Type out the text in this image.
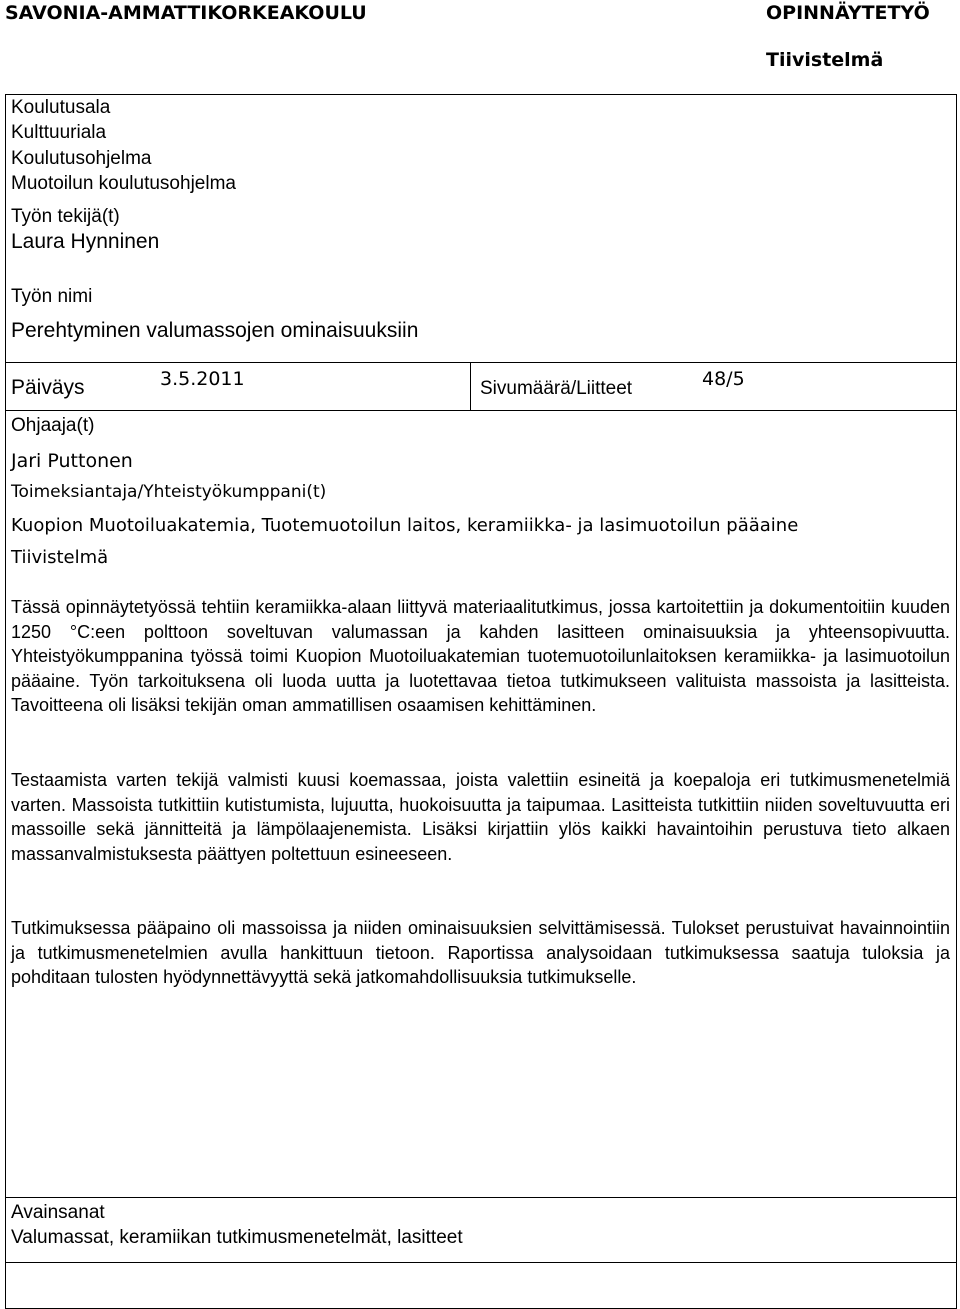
SAVONIA-AMMATTIKORKEAKOULU	OPINNÄYTETYÖ
Tiivistelmä
Koulutusala
Kulttuuriala
Koulutusohjelma
Muotoilun koulutusohjelma
Työn tekijä(t)
Laura Hynninen
Työn nimi
Perehtyminen valumassojen ominaisuuksiin
Päiväys	3.5.2011	Sivumäärä/Liitteet	48/5
Ohjaaja(t)
Jari Puttonen
Toimeksiantaja/Yhteistyökumppani(t)
Kuopion Muotoiluakatemia, Tuotemuotoilun laitos, keramiikka- ja lasimuotoilun pääaine
Tiivistelmä
Tässä opinnäytetyössä tehtiin keramiikka-alaan liittyvä materiaalitutkimus, jossa kartoitettiin ja dokumentoitiin kuuden 1250 °C:een polttoon soveltuvan valumassan ja kahden lasitteen ominaisuuksia ja yhteensopivuutta. Yhteistyökumppanina työssä toimi Kuopion Muotoiluakatemian tuotemuotoilunlaitoksen keramiikka- ja lasimuotoilun pääaine. Työn tarkoituksena oli luoda uutta ja luotettavaa tietoa tutkimukseen valituista massoista ja lasitteista. Tavoitteena oli lisäksi tekijän oman ammatillisen osaamisen kehittäminen.
Testaamista varten tekijä valmisti kuusi koemassaa, joista valettiin esineitä ja koepaloja eri tutkimusmenetelmiä varten. Massoista tutkittiin kutistumista, lujuutta, huokoisuutta ja taipumaa. Lasitteista tutkittiin niiden soveltuvuutta eri massoille sekä jännitteitä ja lämpölaajenemista. Lisäksi kirjattiin ylös kaikki havaintoihin perustuva tieto alkaen massanvalmistuksesta päättyen poltettuun esineeseen.
Tutkimuksessa pääpaino oli massoissa ja niiden ominaisuuksien selvittämisessä. Tulokset perustuivat havainnointiin ja tutkimusmenetelmien avulla hankittuun tietoon. Raportissa analysoidaan tutkimuksessa saatuja tuloksia ja pohditaan tulosten hyödynnettävyyttä sekä jatkomahdollisuuksia tutkimukselle.
Avainsanat
Valumassat, keramiikan tutkimusmenetelmät, lasitteet
